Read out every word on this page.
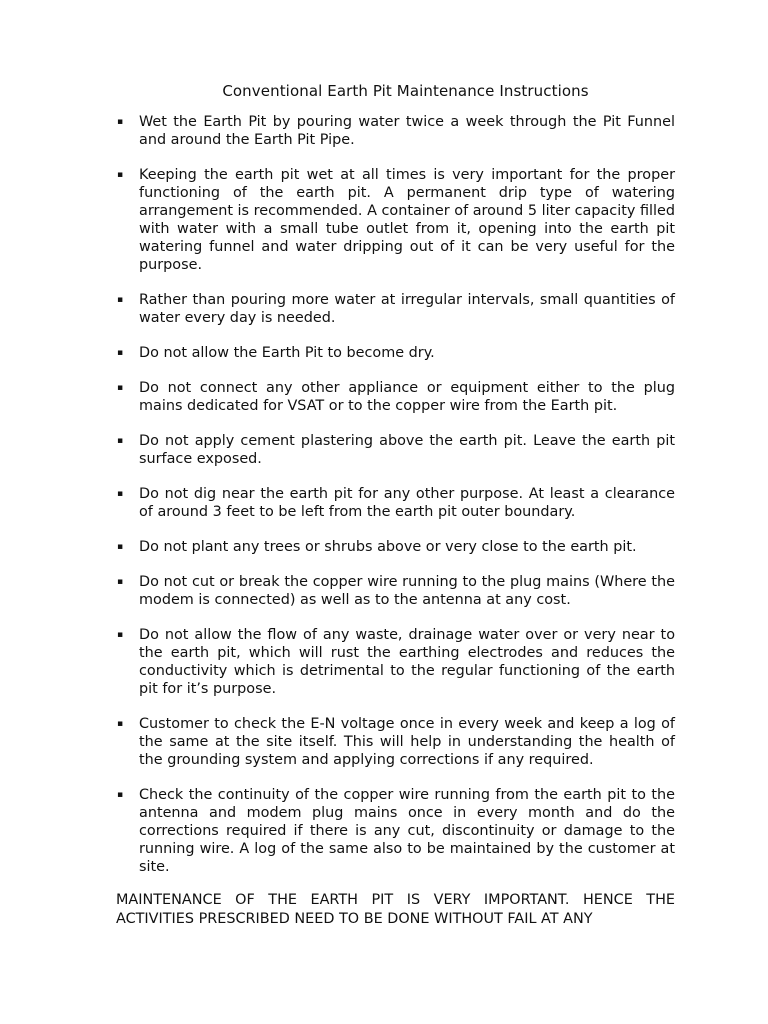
Conventional Earth Pit Maintenance Instructions
▪ Wet the Earth Pit by pouring water twice a week through the Pit Funnel and around the Earth Pit Pipe.
▪ Keeping the earth pit wet at all times is very important for the proper functioning of the earth pit. A permanent drip type of watering arrangement is recommended. A container of around 5 liter capacity filled with water with a small tube outlet from it, opening into the earth pit watering funnel and water dripping out of it can be very useful for the purpose.
▪ Rather than pouring more water at irregular intervals, small quantities of water every day is needed.
▪ Do not allow the Earth Pit to become dry.
▪ Do not connect any other appliance or equipment either to the plug mains dedicated for VSAT or to the copper wire from the Earth pit.
▪ Do not apply cement plastering above the earth pit. Leave the earth pit surface exposed.
▪ Do not dig near the earth pit for any other purpose. At least a clearance of around 3 feet to be left from the earth pit outer boundary.
▪ Do not plant any trees or shrubs above or very close to the earth pit.
▪ Do not cut or break the copper wire running to the plug mains (Where the modem is connected) as well as to the antenna at any cost.
▪ Do not allow the flow of any waste, drainage water over or very near to the earth pit, which will rust the earthing electrodes and reduces the conductivity which is detrimental to the regular functioning of the earth pit for it’s purpose.
▪ Customer to check the E-N voltage once in every week and keep a log of the same at the site itself. This will help in understanding the health of the grounding system and applying corrections if any required.
▪ Check the continuity of the copper wire running from the earth pit to the antenna and modem plug mains once in every month and do the corrections required if there is any cut, discontinuity or damage to the running wire. A log of the same also to be maintained by the customer at site.
MAINTENANCE OF THE EARTH PIT IS VERY IMPORTANT. HENCE THE ACTIVITIES PRESCRIBED NEED TO BE DONE WITHOUT FAIL AT ANY
